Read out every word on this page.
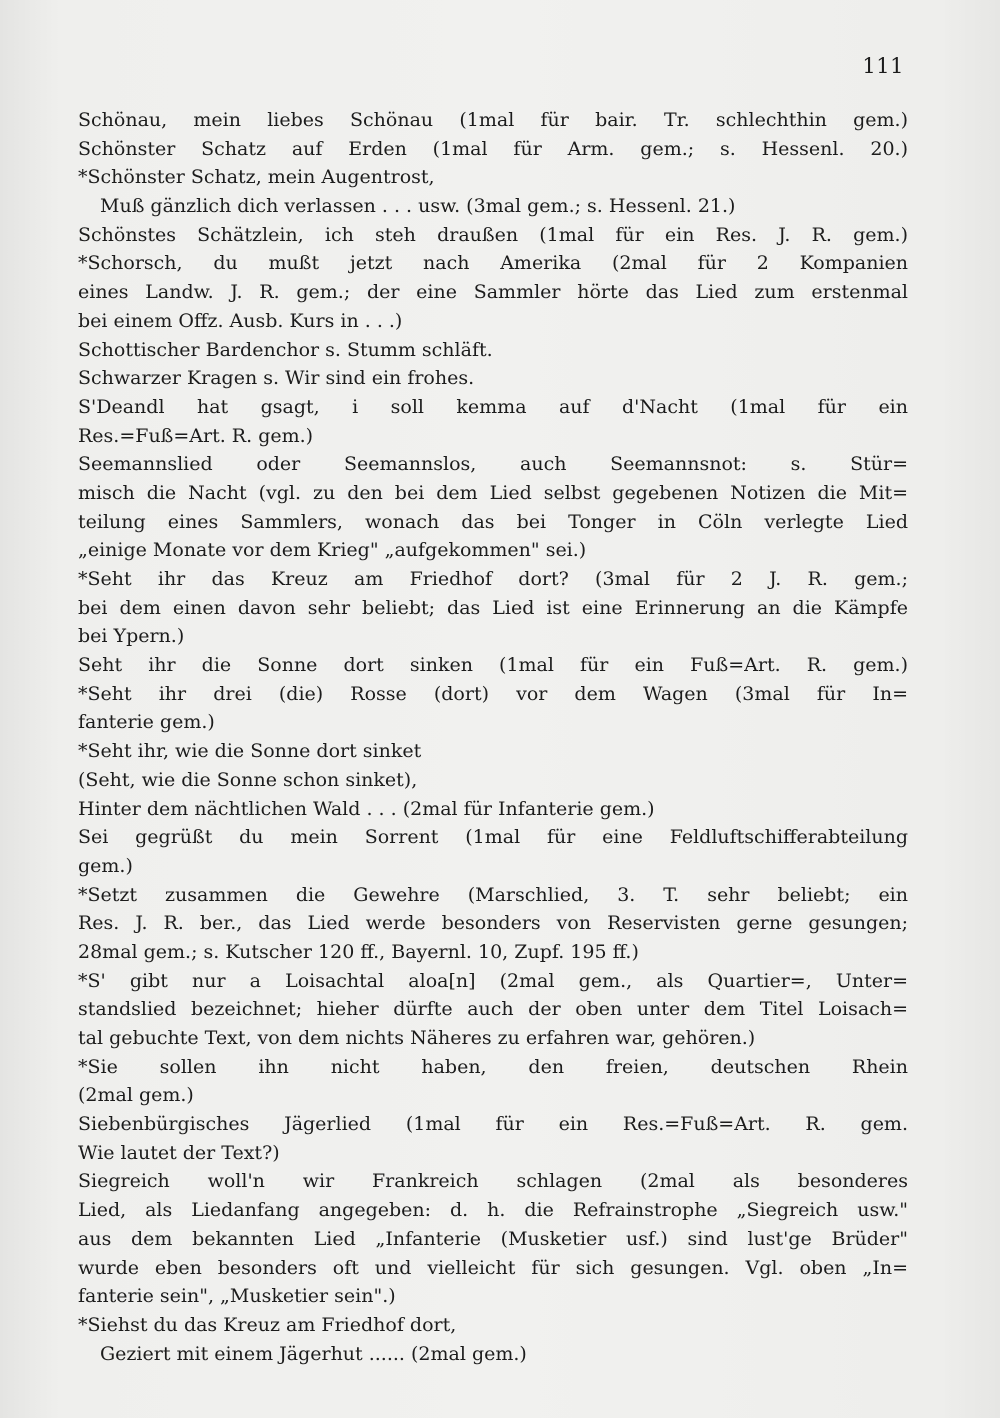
111
Schönau, mein liebes Schönau (1mal für bair. Tr. schlechthin gem.)
Schönster Schatz auf Erden (1mal für Arm. gem.; s. Hessenl. 20.)
*Schönster Schatz, mein Augentrost,
Muß gänzlich dich verlassen . . . usw. (3mal gem.; s. Hessenl. 21.)
Schönstes Schätzlein, ich steh draußen (1mal für ein Res. J. R. gem.)
*Schorsch, du mußt jetzt nach Amerika (2mal für 2 Kompanien
eines Landw. J. R. gem.; der eine Sammler hörte das Lied zum erstenmal
bei einem Offz. Ausb. Kurs in . . .)
Schottischer Bardenchor s. Stumm schläft.
Schwarzer Kragen s. Wir sind ein frohes.
S'Deandl hat gsagt, i soll kemma auf d'Nacht (1mal für ein
Res.=Fuß=Art. R. gem.)
Seemannslied oder Seemannslos, auch Seemannsnot: s. Stür=
misch die Nacht (vgl. zu den bei dem Lied selbst gegebenen Notizen die Mit=
teilung eines Sammlers, wonach das bei Tonger in Cöln verlegte Lied
„einige Monate vor dem Krieg" „aufgekommen" sei.)
*Seht ihr das Kreuz am Friedhof dort? (3mal für 2 J. R. gem.;
bei dem einen davon sehr beliebt; das Lied ist eine Erinnerung an die Kämpfe
bei Ypern.)
Seht ihr die Sonne dort sinken (1mal für ein Fuß=Art. R. gem.)
*Seht ihr drei (die) Rosse (dort) vor dem Wagen (3mal für In=
fanterie gem.)
*Seht ihr, wie die Sonne dort sinket
(Seht, wie die Sonne schon sinket),
Hinter dem nächtlichen Wald . . . (2mal für Infanterie gem.)
Sei gegrüßt du mein Sorrent (1mal für eine Feldluftschifferabteilung
gem.)
*Setzt zusammen die Gewehre (Marschlied, 3. T. sehr beliebt; ein
Res. J. R. ber., das Lied werde besonders von Reservisten gerne gesungen;
28mal gem.; s. Kutscher 120 ff., Bayernl. 10, Zupf. 195 ff.)
*S' gibt nur a Loisachtal aloa[n] (2mal gem., als Quartier=, Unter=
standslied bezeichnet; hieher dürfte auch der oben unter dem Titel Loisach=
tal gebuchte Text, von dem nichts Näheres zu erfahren war, gehören.)
*Sie sollen ihn nicht haben, den freien, deutschen Rhein
(2mal gem.)
Siebenbürgisches Jägerlied (1mal für ein Res.=Fuß=Art. R. gem.
Wie lautet der Text?)
Siegreich woll'n wir Frankreich schlagen (2mal als besonderes
Lied, als Liedanfang angegeben: d. h. die Refrainstrophe „Siegreich usw."
aus dem bekannten Lied „Infanterie (Musketier usf.) sind lust'ge Brüder"
wurde eben besonders oft und vielleicht für sich gesungen. Vgl. oben „In=
fanterie sein", „Musketier sein".)
*Siehst du das Kreuz am Friedhof dort,
Geziert mit einem Jägerhut ...... (2mal gem.)
